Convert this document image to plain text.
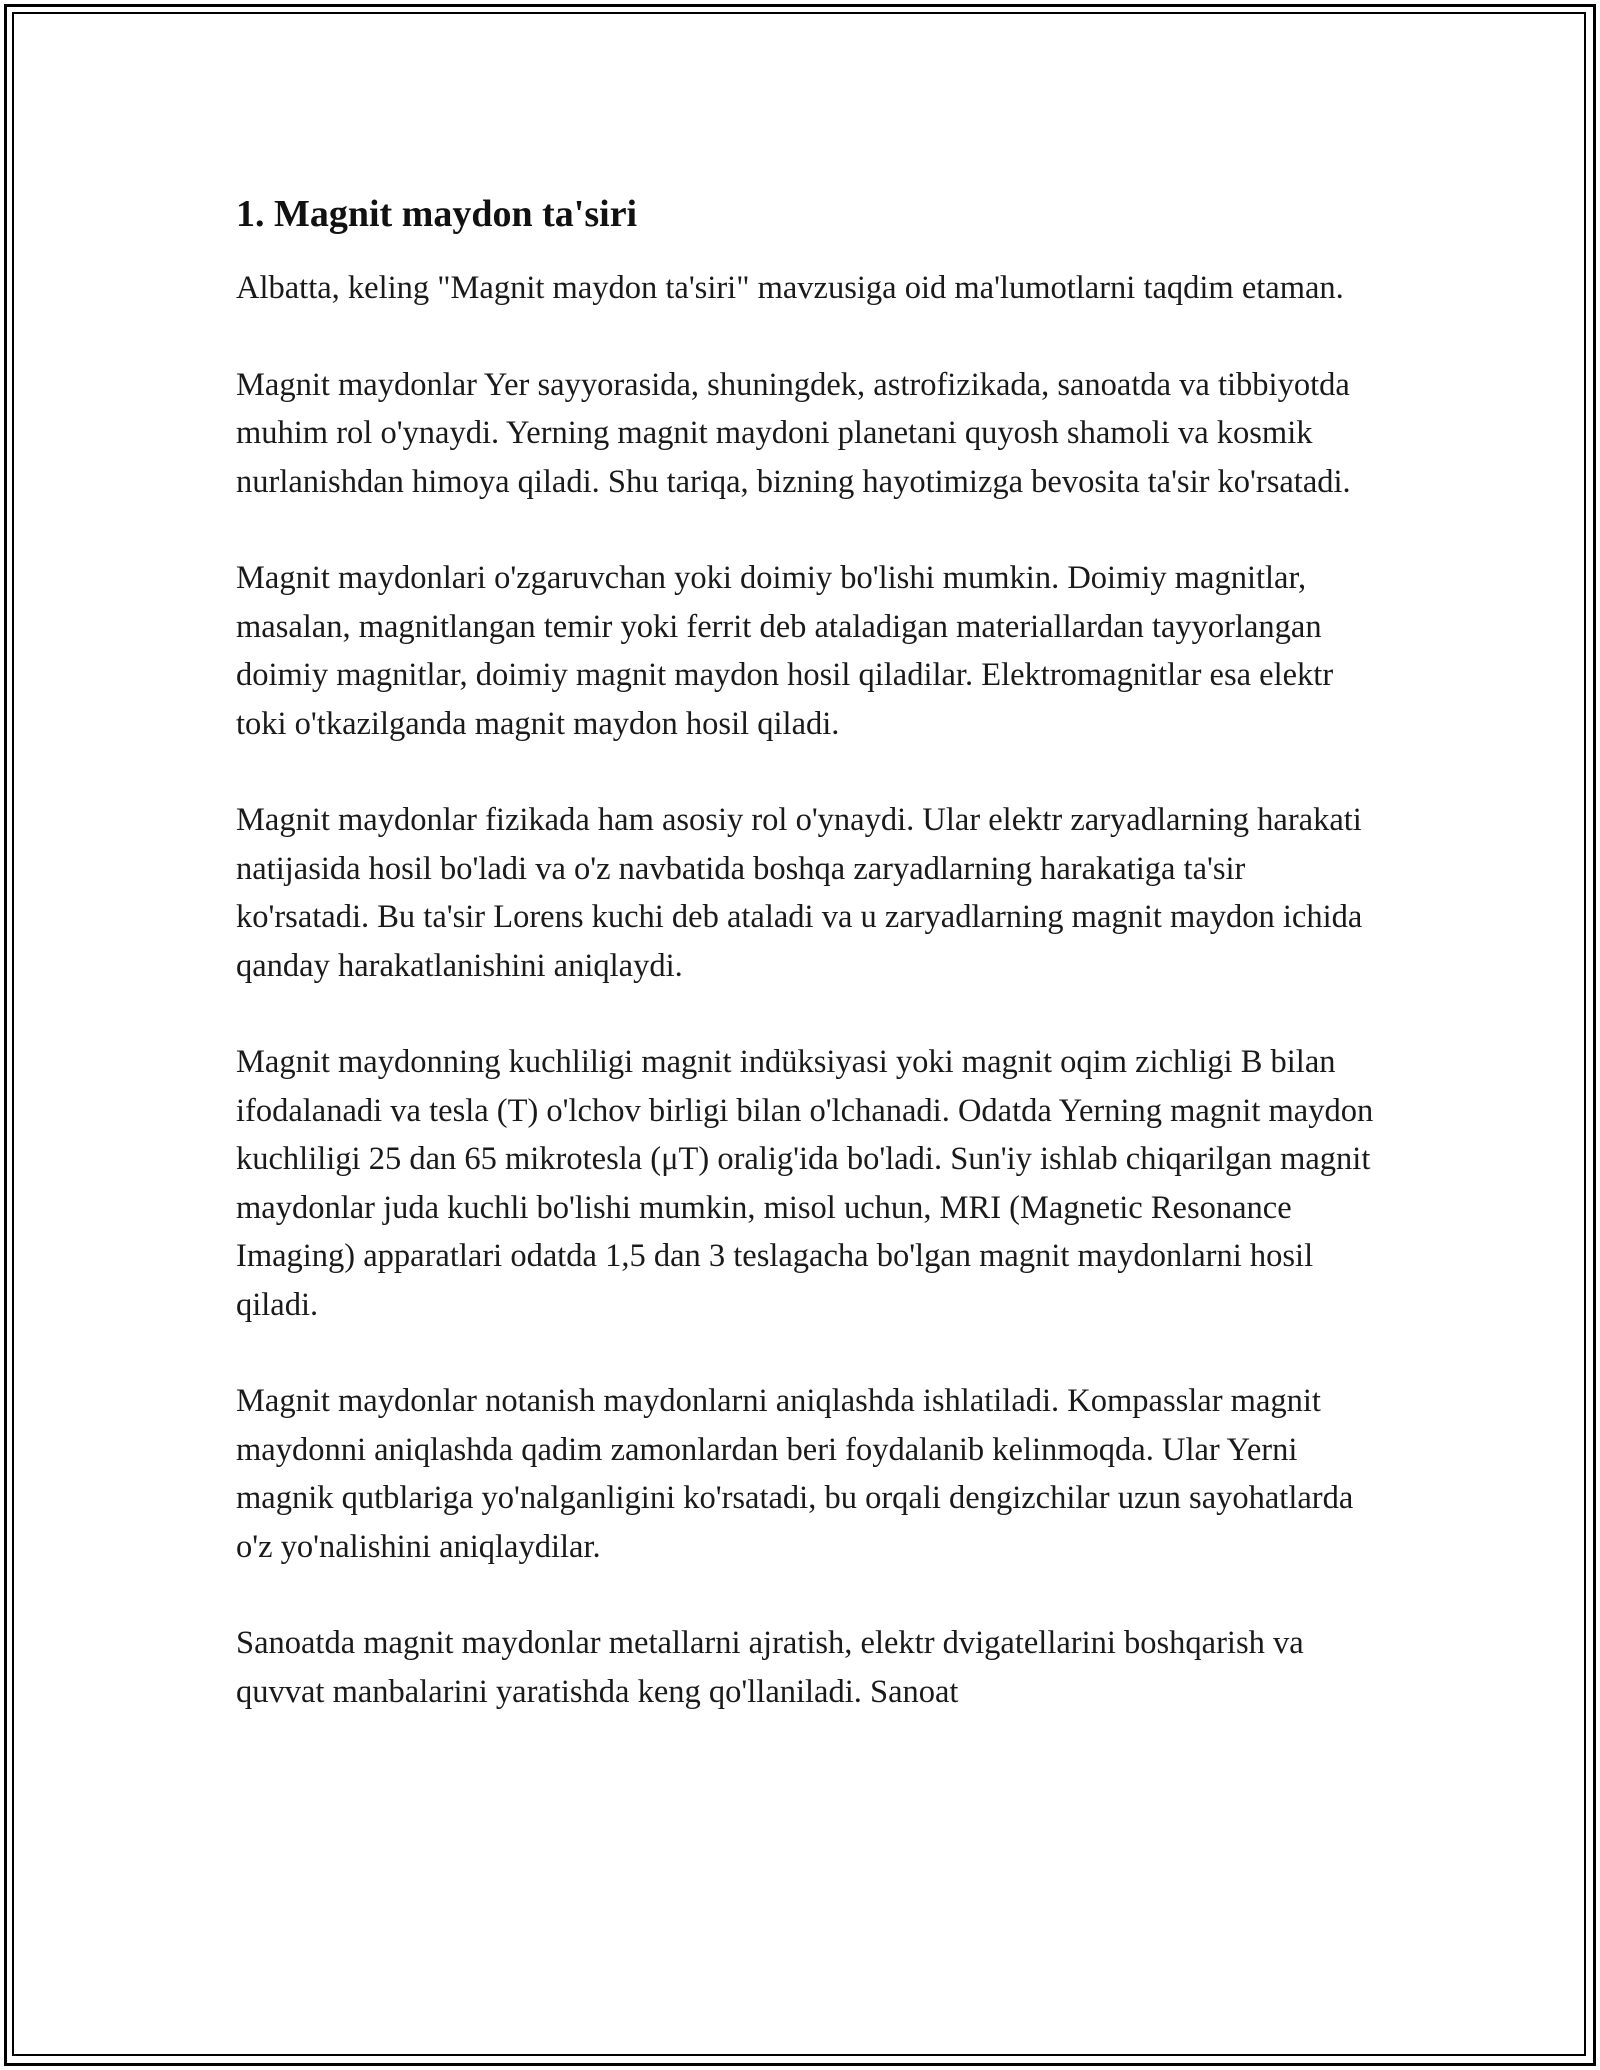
1. Magnit maydon ta'siri

Albatta, keling "Magnit maydon ta'siri" mavzusiga oid ma'lumotlarni taqdim etaman.

Magnit maydonlar Yer sayyorasida, shuningdek, astrofizikada, sanoatda va tibbiyotda muhim rol o'ynaydi. Yerning magnit maydoni planetani quyosh shamoli va kosmik nurlanishdan himoya qiladi. Shu tariqa, bizning hayotimizga bevosita ta'sir ko'rsatadi.

Magnit maydonlari o'zgaruvchan yoki doimiy bo'lishi mumkin. Doimiy magnitlar, masalan, magnitlangan temir yoki ferrit deb ataladigan materiallardan tayyorlangan doimiy magnitlar, doimiy magnit maydon hosil qiladilar. Elektromagnitlar esa elektr toki o'tkazilganda magnit maydon hosil qiladi.

Magnit maydonlar fizikada ham asosiy rol o'ynaydi. Ular elektr zaryadlarning harakati natijasida hosil bo'ladi va o'z navbatida boshqa zaryadlarning harakatiga ta'sir ko'rsatadi. Bu ta'sir Lorens kuchi deb ataladi va u zaryadlarning magnit maydon ichida qanday harakatlanishini aniqlaydi.

Magnit maydonning kuchliligi magnit indüksiyasi yoki magnit oqim zichligi B bilan ifodalanadi va tesla (T) o'lchov birligi bilan o'lchanadi. Odatda Yerning magnit maydon kuchliligi 25 dan 65 mikrotesla (μT) oralig'ida bo'ladi. Sun'iy ishlab chiqarilgan magnit maydonlar juda kuchli bo'lishi mumkin, misol uchun, MRI (Magnetic Resonance Imaging) apparatlari odatda 1,5 dan 3 teslagacha bo'lgan magnit maydonlarni hosil qiladi.

Magnit maydonlar notanish maydonlarni aniqlashda ishlatiladi. Kompasslar magnit maydonni aniqlashda qadim zamonlardan beri foydalanib kelinmoqda. Ular Yerni magnik qutblariga yo'nalganligini ko'rsatadi, bu orqali dengizchilar uzun sayohatlarda o'z yo'nalishini aniqlaydilar.

Sanoatda magnit maydonlar metallarni ajratish, elektr dvigatellarini boshqarish va quvvat manbalarini yaratishda keng qo'llaniladi. Sanoat
